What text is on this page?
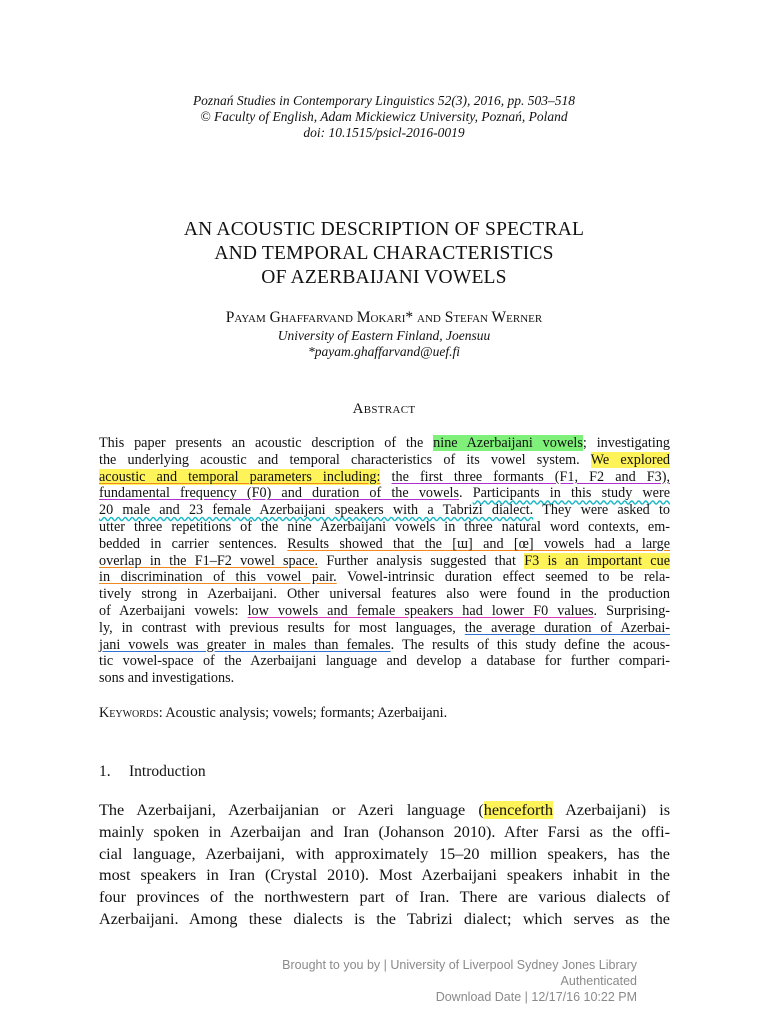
Poznań Studies in Contemporary Linguistics 52(3), 2016, pp. 503–518
© Faculty of English, Adam Mickiewicz University, Poznań, Poland
doi: 10.1515/psicl-2016-0019
AN ACOUSTIC DESCRIPTION OF SPECTRAL
AND TEMPORAL CHARACTERISTICS
OF AZERBAIJANI VOWELS
Payam Ghaffarvand Mokari* and Stefan Werner
University of Eastern Finland, Joensuu
*payam.ghaffarvand@uef.fi
Abstract
This paper presents an acoustic description of the nine Azerbaijani vowels; investigating
the underlying acoustic and temporal characteristics of its vowel system. We explored
acoustic and temporal parameters including: the first three formants (F1, F2 and F3),
fundamental frequency (F0) and duration of the vowels. Participants in this study were
20 male and 23 female Azerbaijani speakers with a Tabrizi dialect. They were asked to
utter three repetitions of the nine Azerbaijani vowels in three natural word contexts, em-
bedded in carrier sentences. Results showed that the [ɯ] and [œ] vowels had a large
overlap in the F1–F2 vowel space. Further analysis suggested that F3 is an important cue
in discrimination of this vowel pair. Vowel-intrinsic duration effect seemed to be rela-
tively strong in Azerbaijani. Other universal features also were found in the production
of Azerbaijani vowels: low vowels and female speakers had lower F0 values. Surprising-
ly, in contrast with previous results for most languages, the average duration of Azerbai-
jani vowels was greater in males than females. The results of this study define the acous-
tic vowel-space of the Azerbaijani language and develop a database for further compari-
sons and investigations.
Keywords: Acoustic analysis; vowels; formants; Azerbaijani.
1. Introduction
The Azerbaijani, Azerbaijanian or Azeri language (henceforth Azerbaijani) is
mainly spoken in Azerbaijan and Iran (Johanson 2010). After Farsi as the offi-
cial language, Azerbaijani, with approximately 15–20 million speakers, has the
most speakers in Iran (Crystal 2010). Most Azerbaijani speakers inhabit in the
four provinces of the northwestern part of Iran. There are various dialects of
Azerbaijani. Among these dialects is the Tabrizi dialect; which serves as the
Brought to you by | University of Liverpool Sydney Jones Library
Authenticated
Download Date | 12/17/16 10:22 PM
